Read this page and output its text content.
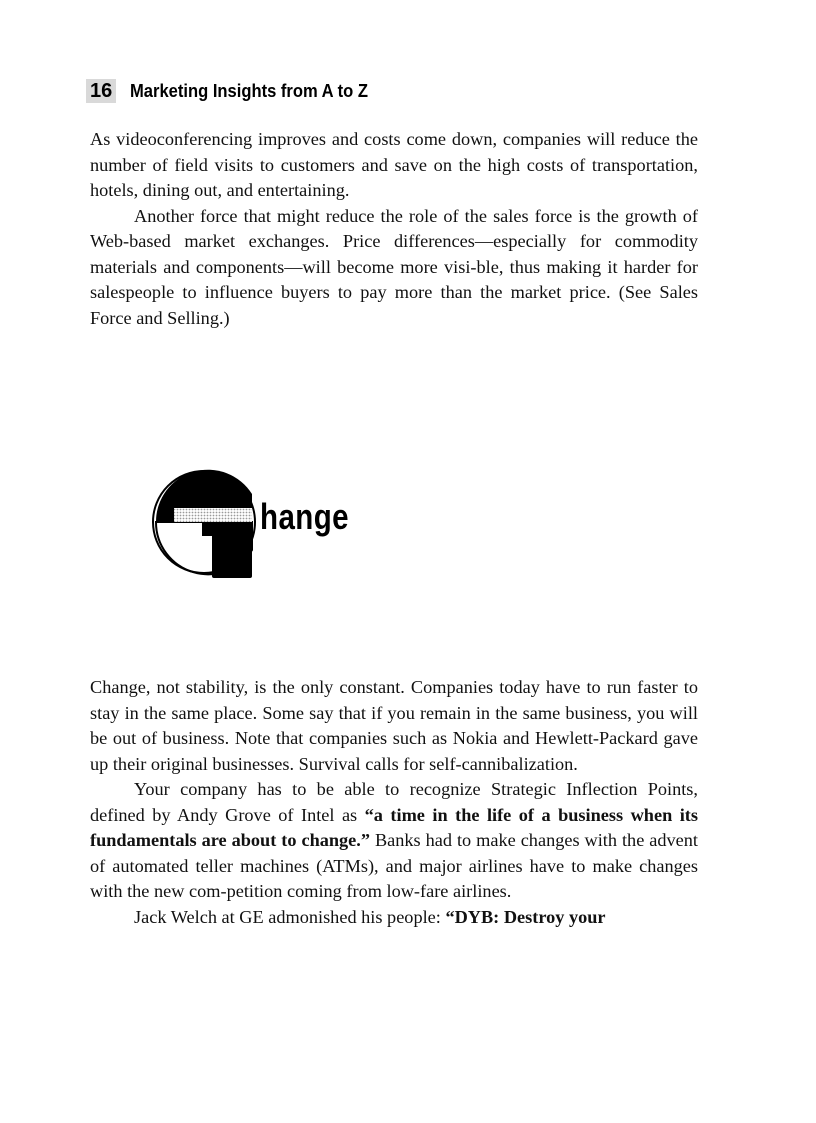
16 Marketing Insights from A to Z

As videoconferencing improves and costs come down, companies will reduce the number of field visits to customers and save on the high costs of transportation, hotels, dining out, and entertaining.

Another force that might reduce the role of the sales force is the growth of Web-based market exchanges. Price differences—especially for commodity materials and components—will become more visi-ble, thus making it harder for salespeople to influence buyers to pay more than the market price. (See Sales Force and Selling.)

hange

Change, not stability, is the only constant. Companies today have to run faster to stay in the same place. Some say that if you remain in the same business, you will be out of business. Note that companies such as Nokia and Hewlett-Packard gave up their original businesses. Survival calls for self-cannibalization.

Your company has to be able to recognize Strategic Inflection Points, defined by Andy Grove of Intel as “a time in the life of a business when its fundamentals are about to change.” Banks had to make changes with the advent of automated teller machines (ATMs), and major airlines have to make changes with the new com-petition coming from low-fare airlines.

Jack Welch at GE admonished his people: “DYB: Destroy your
